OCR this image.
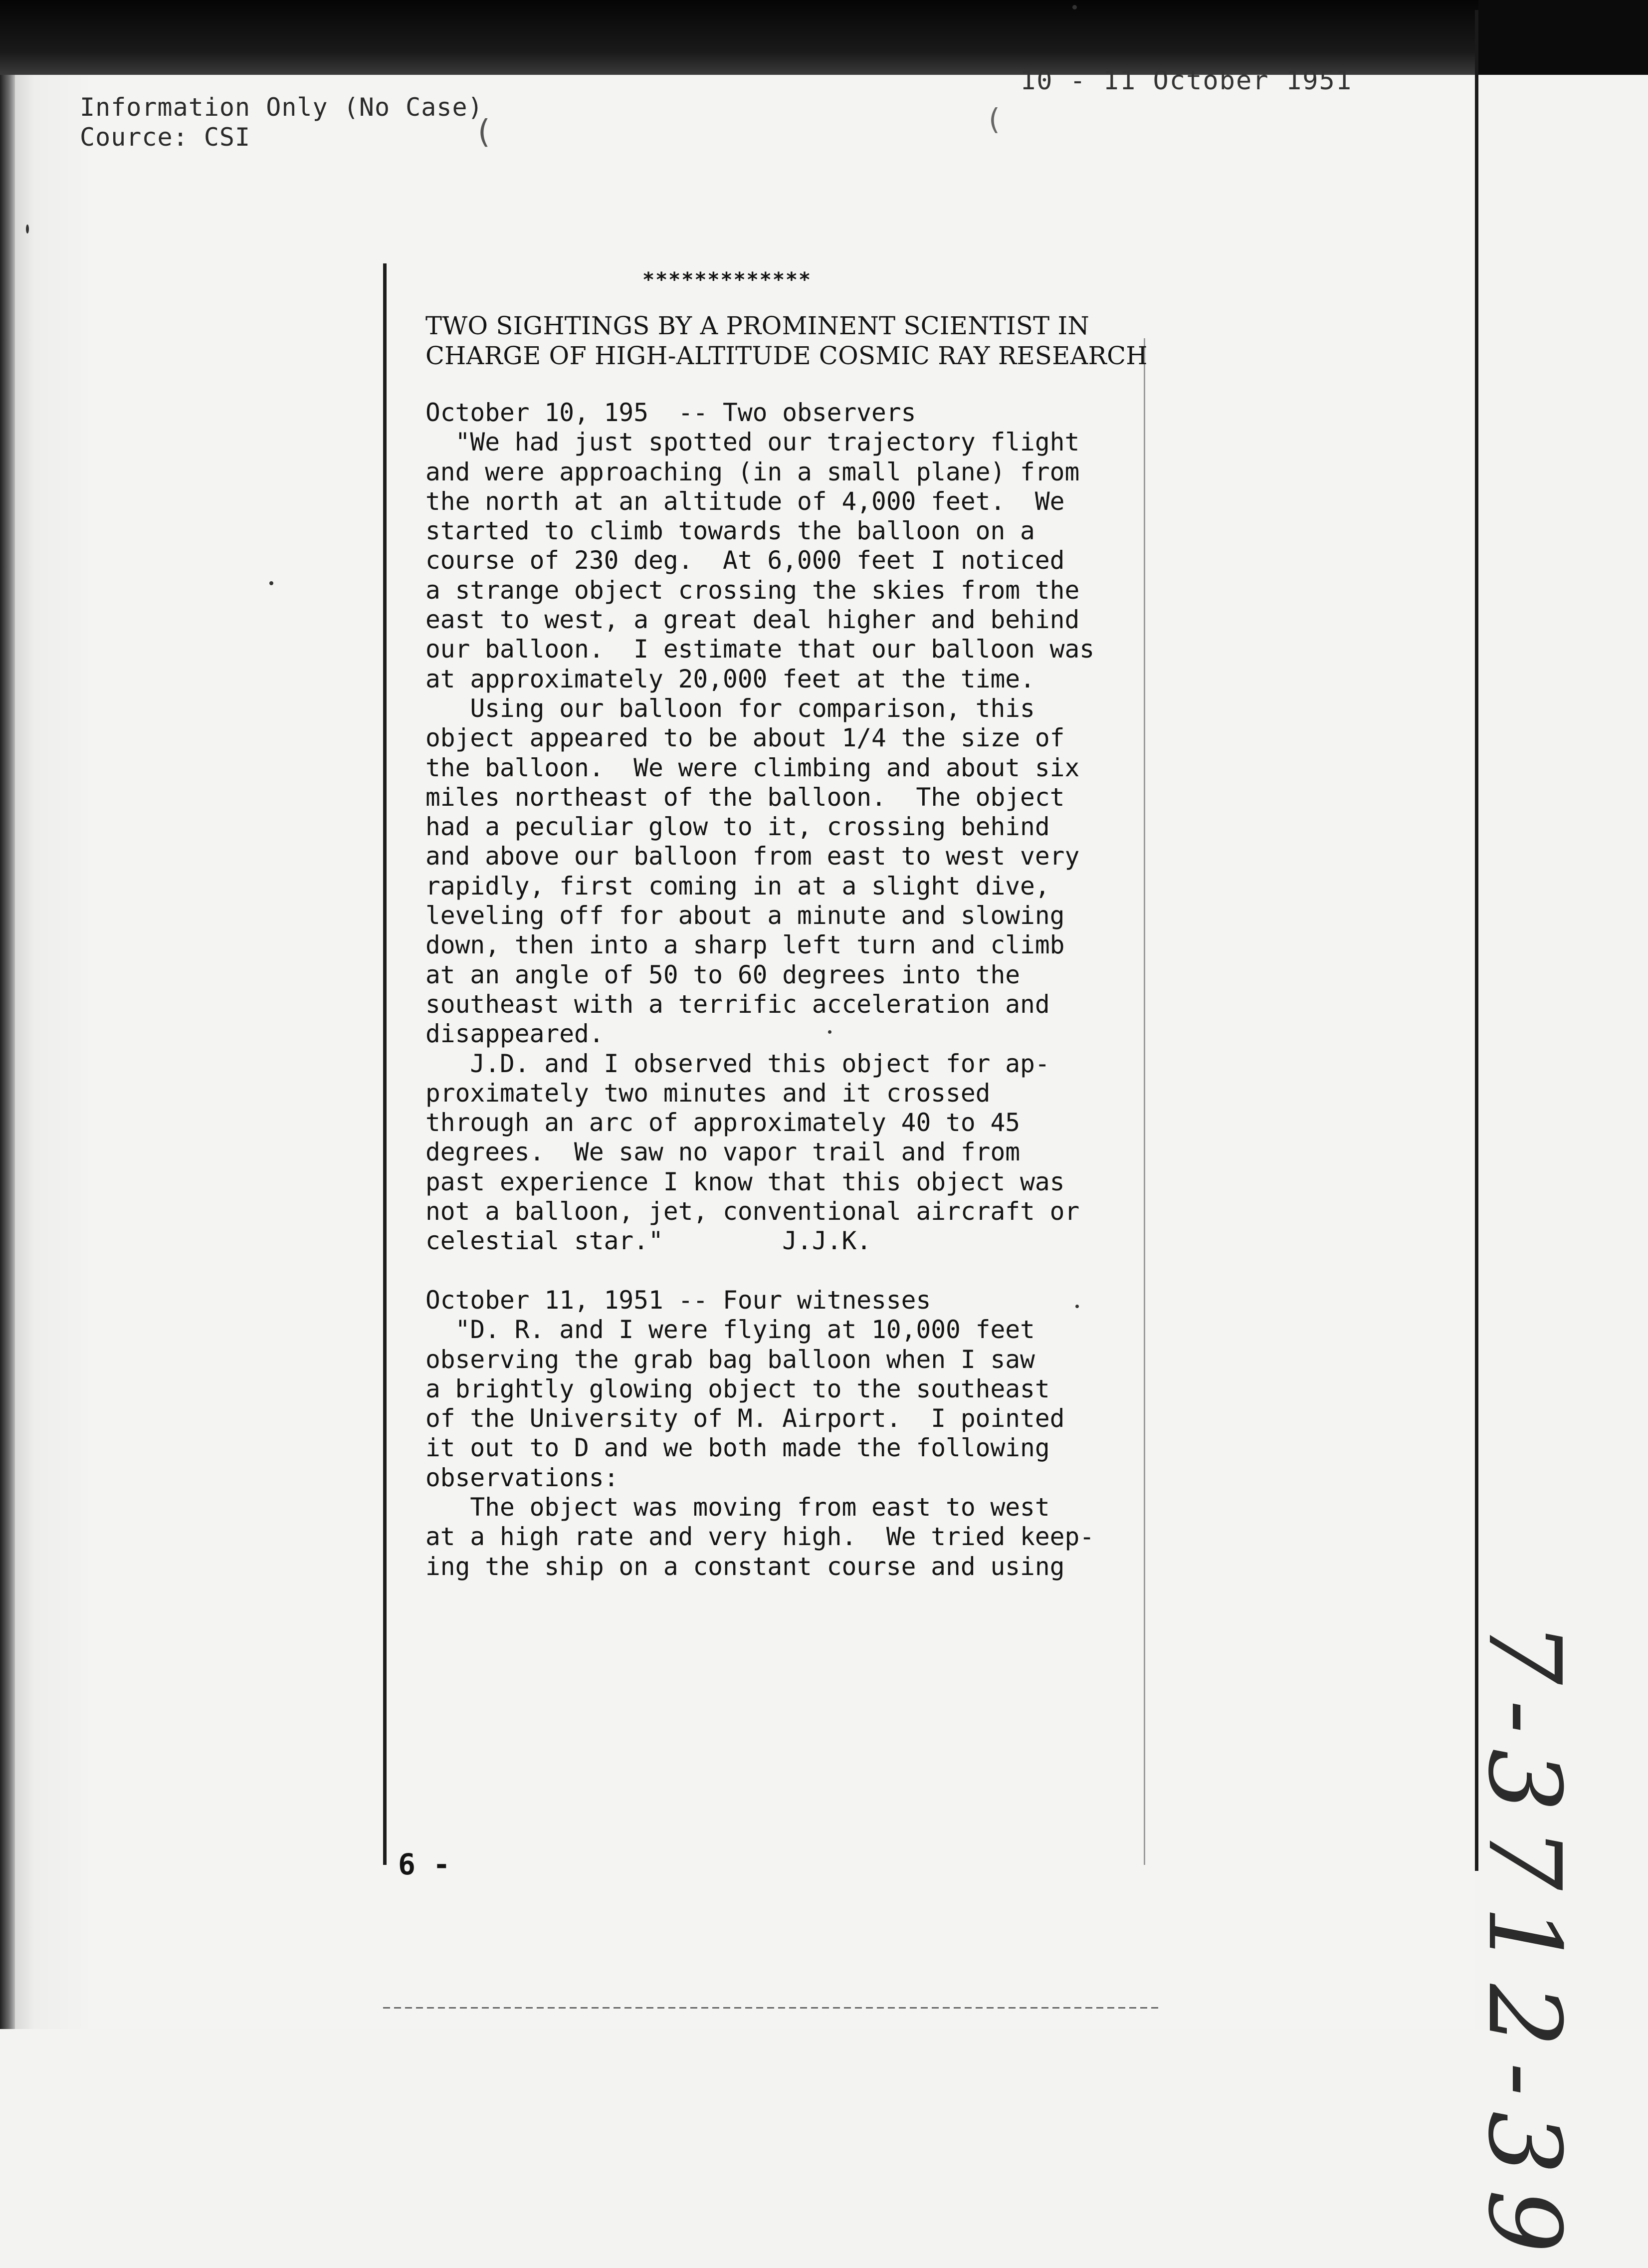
Information Only (No Case)
Cource: CSI	(
10 - 11 October 1951
(
*************
TWO SIGHTINGS BY A PROMINENT SCIENTIST IN
CHARGE OF HIGH-ALTITUDE COSMIC RAY RESEARCH
October 10, 195  -- Two observers
"We had just spotted our trajectory flight
and were approaching (in a small plane) from
the north at an altitude of 4,000 feet.  We
started to climb towards the balloon on a
course of 230 deg.  At 6,000 feet I noticed
a strange object crossing the skies from the
east to west, a great deal higher and behind
our balloon.  I estimate that our balloon was
at approximately 20,000 feet at the time.
Using our balloon for comparison, this
object appeared to be about 1/4 the size of
the balloon.  We were climbing and about six
miles northeast of the balloon.  The object
had a peculiar glow to it, crossing behind
and above our balloon from east to west very
rapidly, first coming in at a slight dive,
leveling off for about a minute and slowing
down, then into a sharp left turn and climb
at an angle of 50 to 60 degrees into the
southeast with a terrific acceleration and
disappeared.
J.D. and I observed this object for ap-
proximately two minutes and it crossed
through an arc of approximately 40 to 45
degrees.  We saw no vapor trail and from
past experience I know that this object was
not a balloon, jet, conventional aircraft or
celestial star."        J.J.K.
October 11, 1951 -- Four witnesses
"D. R. and I were flying at 10,000 feet
observing the grab bag balloon when I saw
a brightly glowing object to the southeast
of the University of M. Airport.  I pointed
it out to D and we both made the following
observations:
The object was moving from east to west
at a high rate and very high.  We tried keep-
ing the ship on a constant course and using
6 -	7-3712-39
